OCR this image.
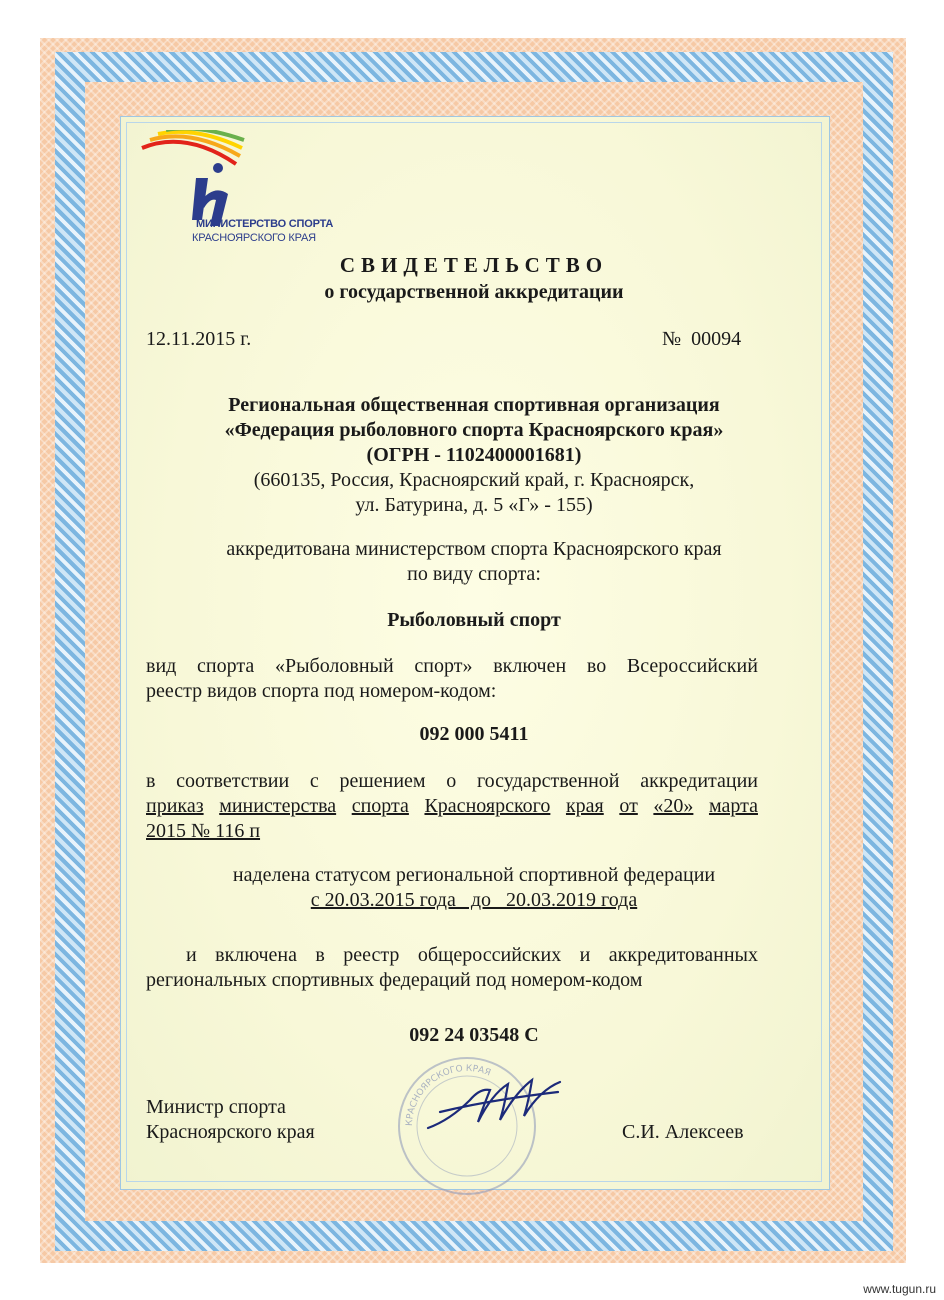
МИНИСТЕРСТВО СПОРТА
КРАСНОЯРСКОГО КРАЯ
СВИДЕТЕЛЬСТВО
о государственной аккредитации
12.11.2015 г.	№ 00094
Региональная общественная спортивная организация
«Федерация рыболовного спорта Красноярского края»
(ОГРН - 1102400001681)
(660135, Россия, Красноярский край, г. Красноярск,
ул. Батурина, д. 5 «Г» - 155)
аккредитована министерством спорта Красноярского края
по виду спорта:
Рыболовный спорт
вид спорта «Рыболовный спорт» включен во Всероссийский
реестр видов спорта под номером-кодом:
092 000 5411
в соответствии с решением о государственной аккредитации
приказ министерства спорта Красноярского края от «20» марта
2015 № 116 п
наделена статусом региональной спортивной федерации
с 20.03.2015 года   до   20.03.2019 года
и включена в реестр общероссийских и аккредитованных
региональных спортивных федераций под номером-кодом
092 24 03548 С
КРАСНОЯРСКОГО КРАЯ
Министр спорта
Красноярского края	С.И. Алексеев
www.tugun.ru
